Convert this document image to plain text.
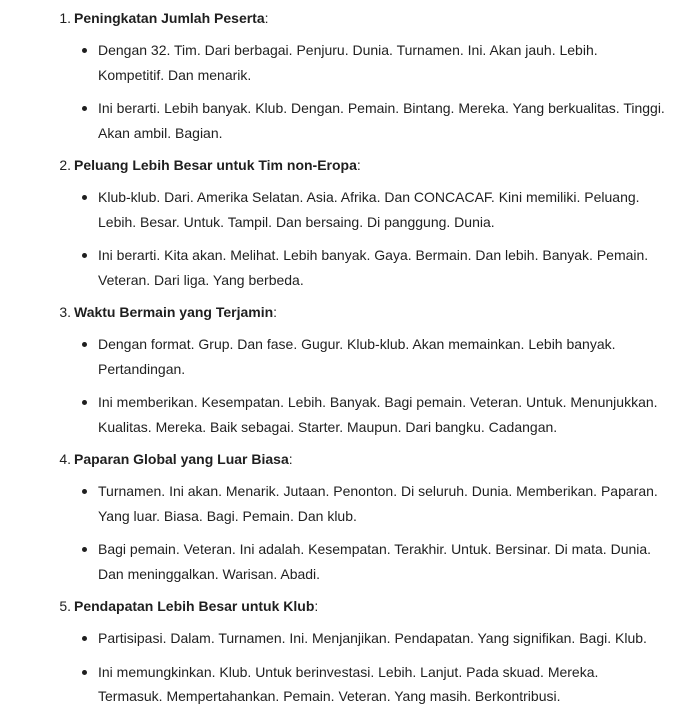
1. Peningkatan Jumlah Peserta:
Dengan 32. Tim. Dari berbagai. Penjuru. Dunia. Turnamen. Ini. Akan jauh. Lebih. Kompetitif. Dan menarik.
Ini berarti. Lebih banyak. Klub. Dengan. Pemain. Bintang. Mereka. Yang berkualitas. Tinggi. Akan ambil. Bagian.
2. Peluang Lebih Besar untuk Tim non-Eropa:
Klub-klub. Dari. Amerika Selatan. Asia. Afrika. Dan CONCACAF. Kini memiliki. Peluang. Lebih. Besar. Untuk. Tampil. Dan bersaing. Di panggung. Dunia.
Ini berarti. Kita akan. Melihat. Lebih banyak. Gaya. Bermain. Dan lebih. Banyak. Pemain. Veteran. Dari liga. Yang berbeda.
3. Waktu Bermain yang Terjamin:
Dengan format. Grup. Dan fase. Gugur. Klub-klub. Akan memainkan. Lebih banyak. Pertandingan.
Ini memberikan. Kesempatan. Lebih. Banyak. Bagi pemain. Veteran. Untuk. Menunjukkan. Kualitas. Mereka. Baik sebagai. Starter. Maupun. Dari bangku. Cadangan.
4. Paparan Global yang Luar Biasa:
Turnamen. Ini akan. Menarik. Jutaan. Penonton. Di seluruh. Dunia. Memberikan. Paparan. Yang luar. Biasa. Bagi. Pemain. Dan klub.
Bagi pemain. Veteran. Ini adalah. Kesempatan. Terakhir. Untuk. Bersinar. Di mata. Dunia. Dan meninggalkan. Warisan. Abadi.
5. Pendapatan Lebih Besar untuk Klub:
Partisipasi. Dalam. Turnamen. Ini. Menjanjikan. Pendapatan. Yang signifikan. Bagi. Klub.
Ini memungkinkan. Klub. Untuk berinvestasi. Lebih. Lanjut. Pada skuad. Mereka. Termasuk. Mempertahankan. Pemain. Veteran. Yang masih. Berkontribusi.
